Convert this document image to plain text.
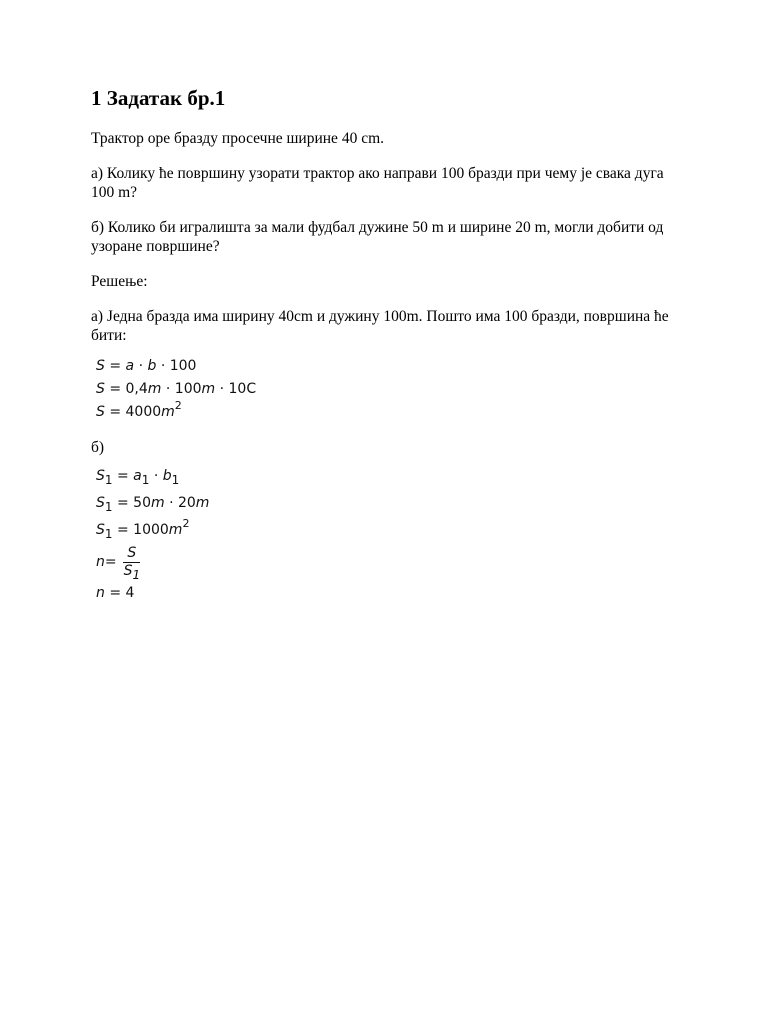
1 Задатак бр.1

Трактор оре бразду просечне ширине 40 cm.

а) Колику ће површину узорати трактор ако направи 100 бразди при чему је свака дуга 100 m?

б) Колико би игралишта за мали фудбал дужине 50 m и ширине 20 m, могли добити од узоране површине?

Решење:

а) Једна бразда има ширину 40cm и дужину 100m. Пошто има 100 бразди, површина ће бити:

S = a · b · 100
S = 0,4m · 100m · 10C
$S = 4000m^2$

б)

$S_1 = a_1 \cdot b_1$
$S_1 = 50m \cdot 20m$
$S_1 = 1000m^2$
$n = \frac{S}{S_1}$
n = 4
